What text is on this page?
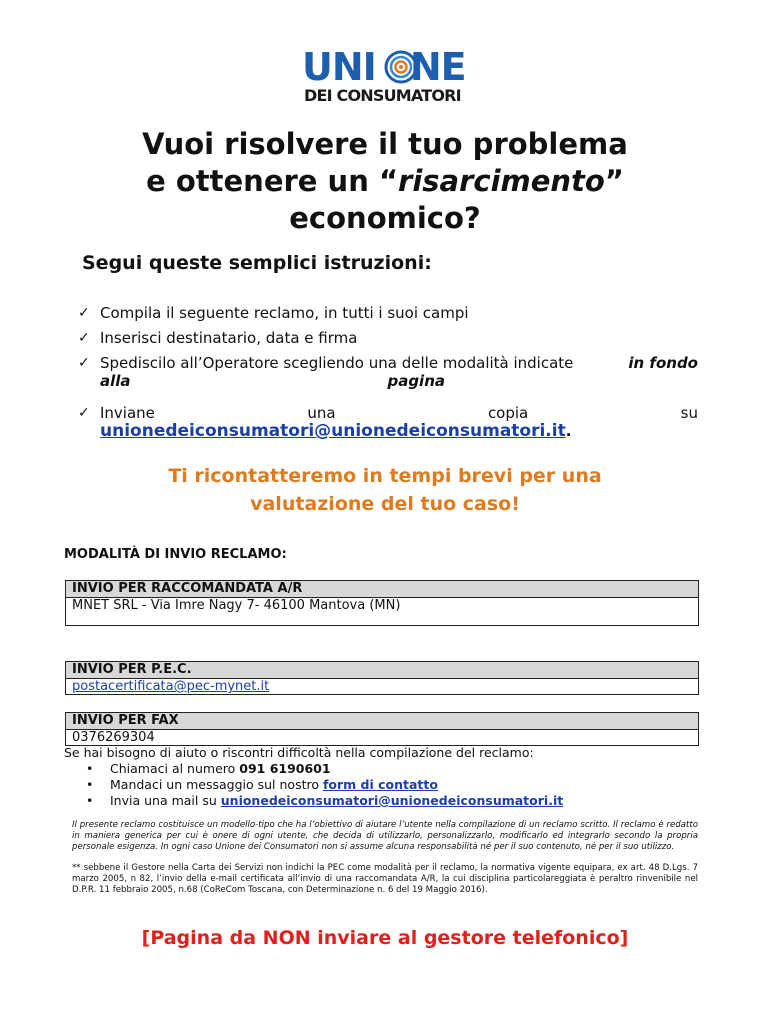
UNI NE
DEI CONSUMATORI
Vuoi risolvere il tuo problema
e ottenere un “risarcimento”
economico?
Segui queste semplici istruzioni:
✓ Compila il seguente reclamo, in tutti i suoi campi
✓ Inserisci destinatario, data e firma
✓ Spediscilo all’Operatore scegliendo una delle modalità indicate	in fondo
alla	pagina
✓ Inviane	una	copia	su
unionedeiconsumatori@unionedeiconsumatori.it.

Ti ricontatteremo in tempi brevi per una
valutazione del tuo caso!

MODALITÀ DI INVIO RECLAMO:
INVIO PER RACCOMANDATA A/R
MNET SRL - Via Imre Nagy 7- 46100 Mantova (MN)
INVIO PER P.E.C.
postacertificata@pec-mynet.it
INVIO PER FAX
0376269304
Se hai bisogno di aiuto o riscontri difficoltà nella compilazione del reclamo:
• Chiamaci al numero 091 6190601
• Mandaci un messaggio sul nostro form di contatto
• Invia una mail su unionedeiconsumatori@unionedeiconsumatori.it

Il presente reclamo costituisce un modello-tipo che ha l’obiettivo di aiutare l’utente nella compilazione di un reclamo scritto. Il reclamo è redatto in maniera generica per cui è onere di ogni utente, che decida di utilizzarlo, personalizzarlo, modificarlo ed integrarlo secondo la propria personale esigenza. In ogni caso Unione dei Consumatori non si assume alcuna responsabilità né per il suo contenuto, né per il suo utilizzo.

** sebbene il Gestore nella Carta dei Servizi non indichi la PEC come modalità per il reclamo, la normativa vigente equipara, ex art. 48 D.Lgs. 7 marzo 2005, n 82, l’invio della e-mail certificata all’invio di una raccomandata A/R, la cui disciplina particolareggiata è peraltro rinvenibile nel D.P.R. 11 febbraio 2005, n.68 (CoReCom Toscana, con Determinazione n. 6 del 19 Maggio 2016).

[Pagina da NON inviare al gestore telefonico]
